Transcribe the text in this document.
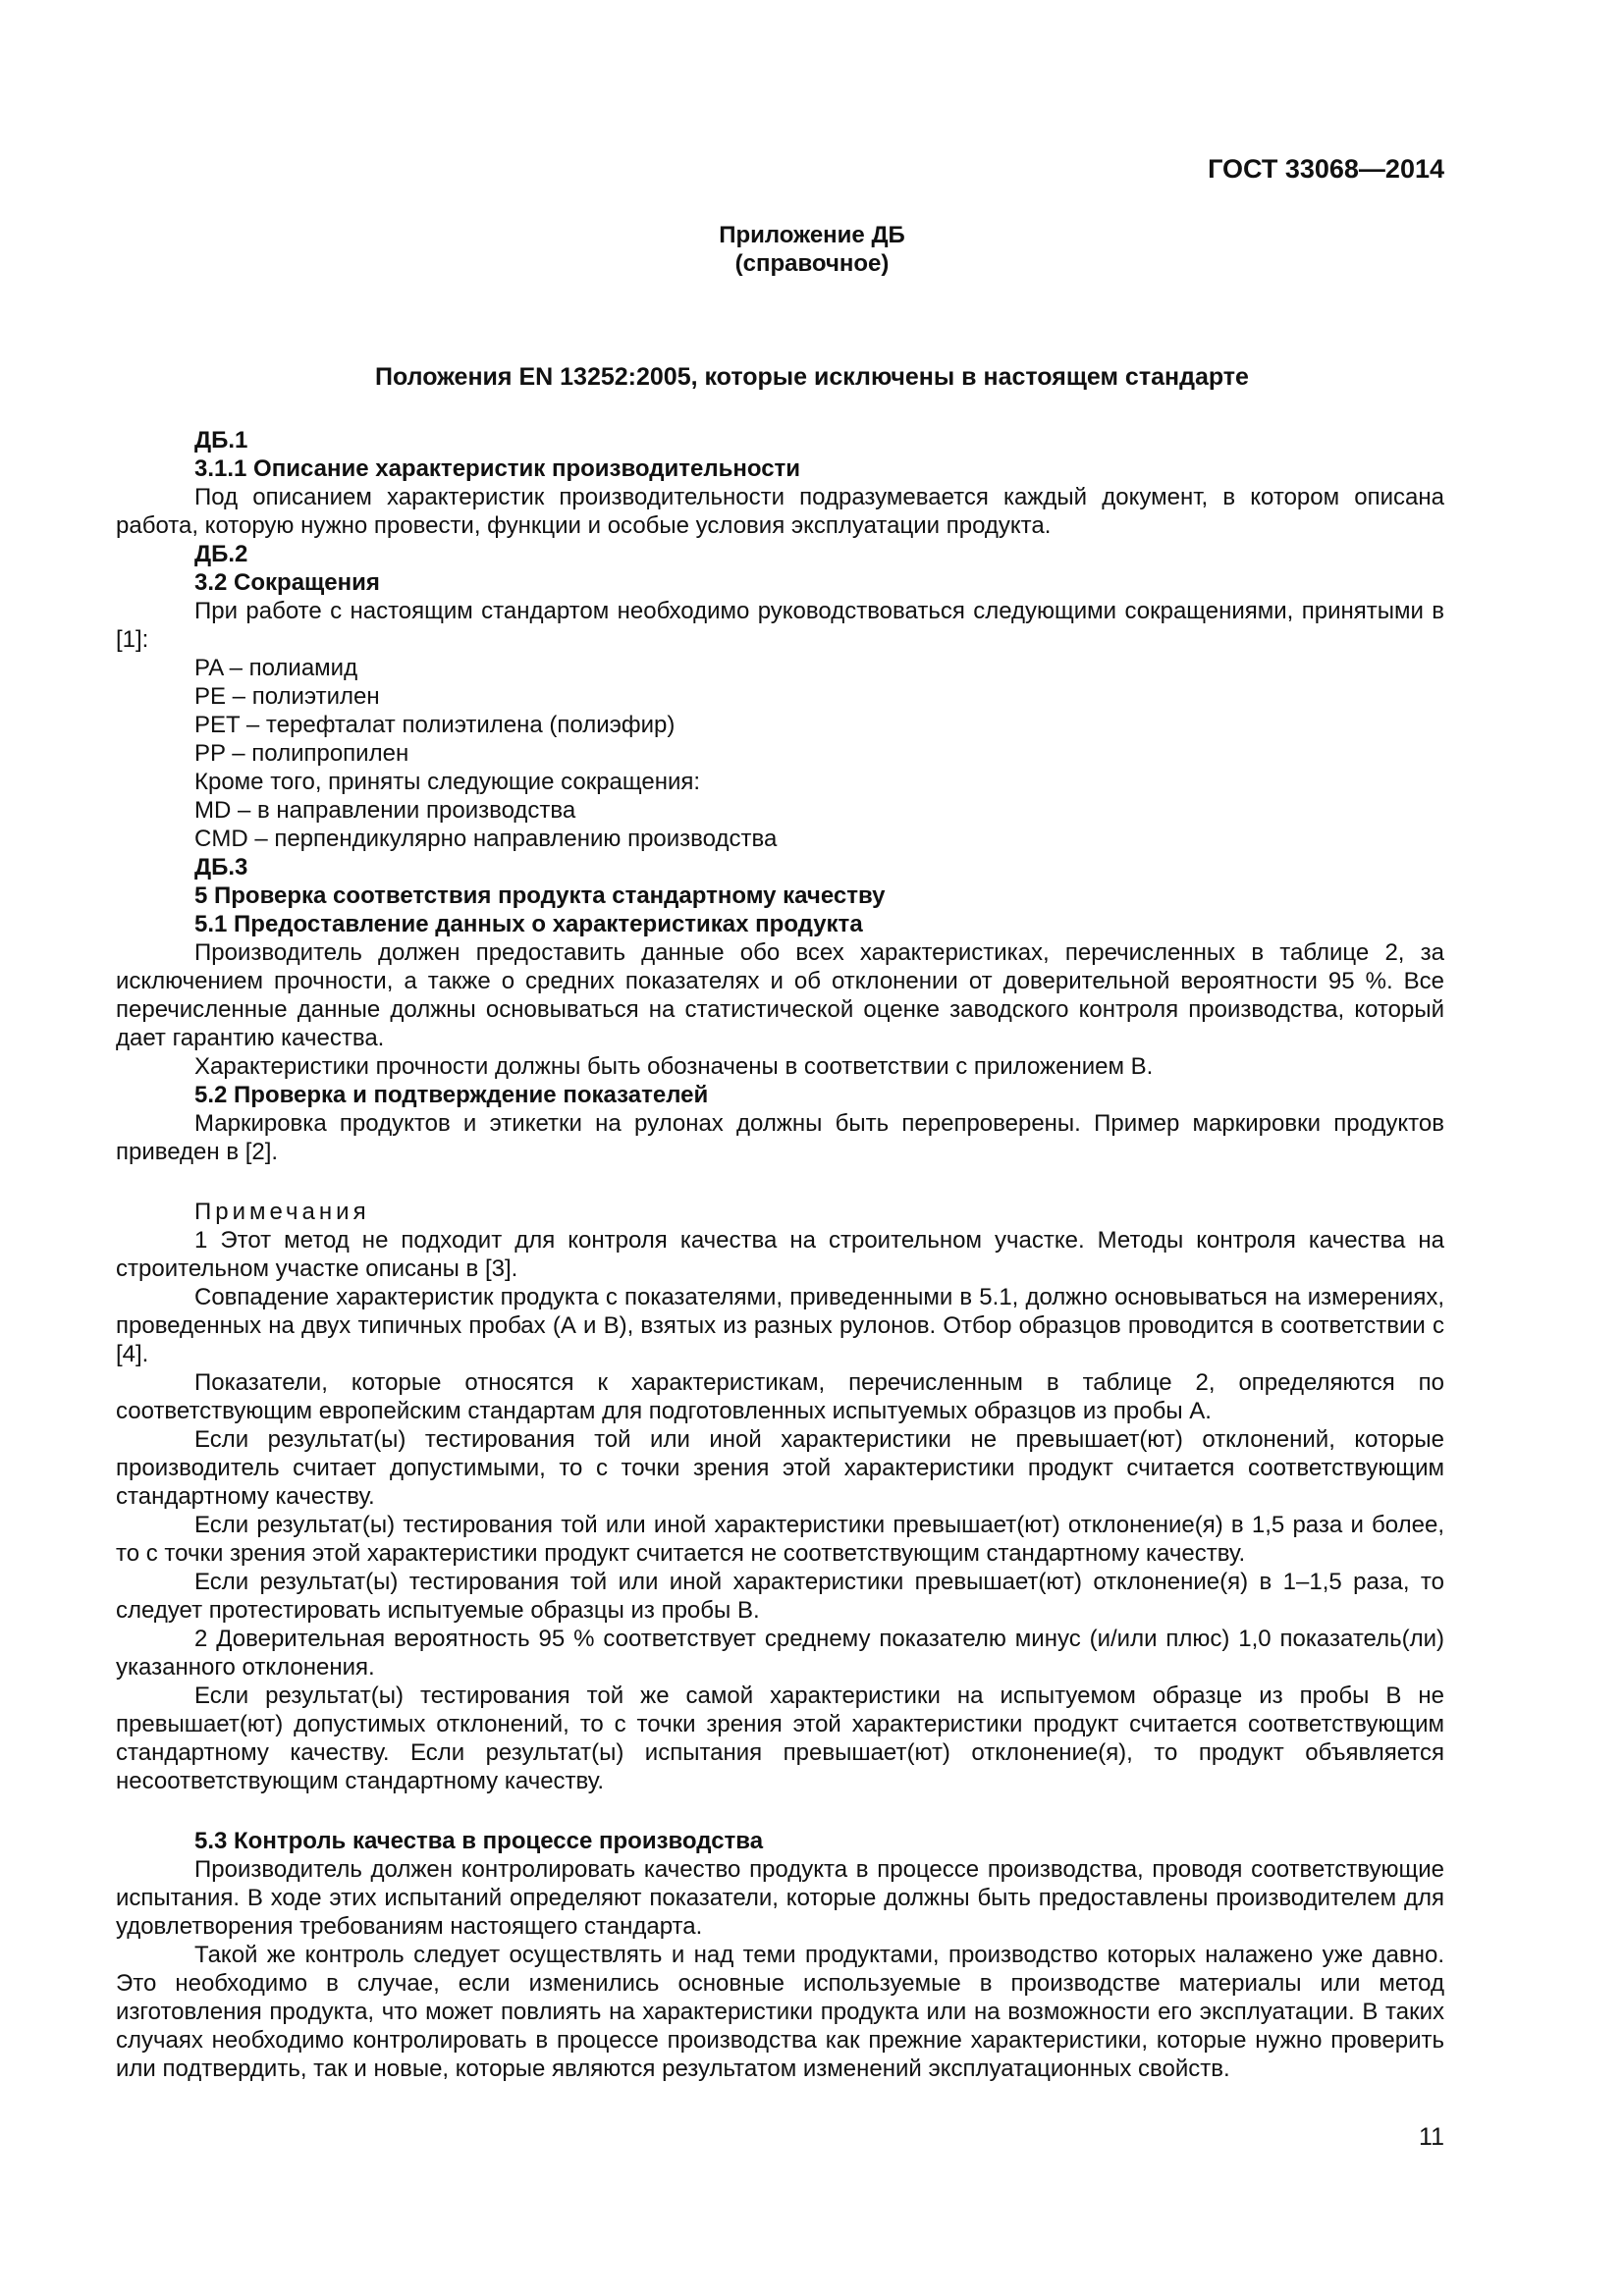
ГОСТ 33068—2014
Приложение ДБ
(справочное)
Положения EN 13252:2005, которые исключены в настоящем стандарте

ДБ.1

3.1.1 Описание характеристик производительности

Под описанием характеристик производительности подразумевается каждый документ, в котором описана работа, которую нужно провести, функции и особые условия эксплуатации продукта.

ДБ.2

3.2 Сокращения

При работе с настоящим стандартом необходимо руководствоваться следующими сокращениями, принятыми в [1]:

PA – полиамид

PE – полиэтилен

PET – терефталат полиэтилена (полиэфир)

PP – полипропилен

Кроме того, приняты следующие сокращения:

MD – в направлении производства

CMD – перпендикулярно направлению производства

ДБ.3

5 Проверка соответствия продукта стандартному качеству

5.1 Предоставление данных о характеристиках продукта

Производитель должен предоставить данные обо всех характеристиках, перечисленных в таблице 2, за исключением прочности, а также о средних показателях и об отклонении от доверительной вероятности 95 %. Все перечисленные данные должны основываться на статистической оценке заводского контроля производства, который дает гарантию качества.

Характеристики прочности должны быть обозначены в соответствии с приложением В.

5.2 Проверка и подтверждение показателей

Маркировка продуктов и этикетки на рулонах должны быть перепроверены. Пример маркировки продуктов приведен в [2].

Примечания

1 Этот метод не подходит для контроля качества на строительном участке. Методы контроля качества на строительном участке описаны в [3].

Совпадение характеристик продукта с показателями, приведенными в 5.1, должно основываться на измерениях, проведенных на двух типичных пробах (А и В), взятых из разных рулонов. Отбор образцов проводится в соответствии с [4].

Показатели, которые относятся к характеристикам, перечисленным в таблице 2, определяются по соответствующим европейским стандартам для подготовленных испытуемых образцов из пробы А.

Если результат(ы) тестирования той или иной характеристики не превышает(ют) отклонений, которые производитель считает допустимыми, то с точки зрения этой характеристики продукт считается соответствующим стандартному качеству.

Если результат(ы) тестирования той или иной характеристики превышает(ют) отклонение(я) в 1,5 раза и более, то с точки зрения этой характеристики продукт считается не соответствующим стандартному качеству.

Если результат(ы) тестирования той или иной характеристики превышает(ют) отклонение(я) в 1–1,5 раза, то следует протестировать испытуемые образцы из пробы В.

2 Доверительная вероятность 95 % соответствует среднему показателю минус (и/или плюс) 1,0 показатель(ли) указанного отклонения.

Если результат(ы) тестирования той же самой характеристики на испытуемом образце из пробы В не превышает(ют) допустимых отклонений, то с точки зрения этой характеристики продукт считается соответствующим стандартному качеству. Если результат(ы) испытания превышает(ют) отклонение(я), то продукт объявляется несоответствующим стандартному качеству.

5.3 Контроль качества в процессе производства

Производитель должен контролировать качество продукта в процессе производства, проводя соответствующие испытания. В ходе этих испытаний определяют показатели, которые должны быть предоставлены производителем для удовлетворения требованиям настоящего стандарта.

Такой же контроль следует осуществлять и над теми продуктами, производство которых налажено уже давно. Это необходимо в случае, если изменились основные используемые в производстве материалы или метод изготовления продукта, что может повлиять на характеристики продукта или на возможности его эксплуатации. В таких случаях необходимо контролировать в процессе производства как прежние характеристики, которые нужно проверить или подтвердить, так и новые, которые являются результатом изменений эксплуатационных свойств.

11
